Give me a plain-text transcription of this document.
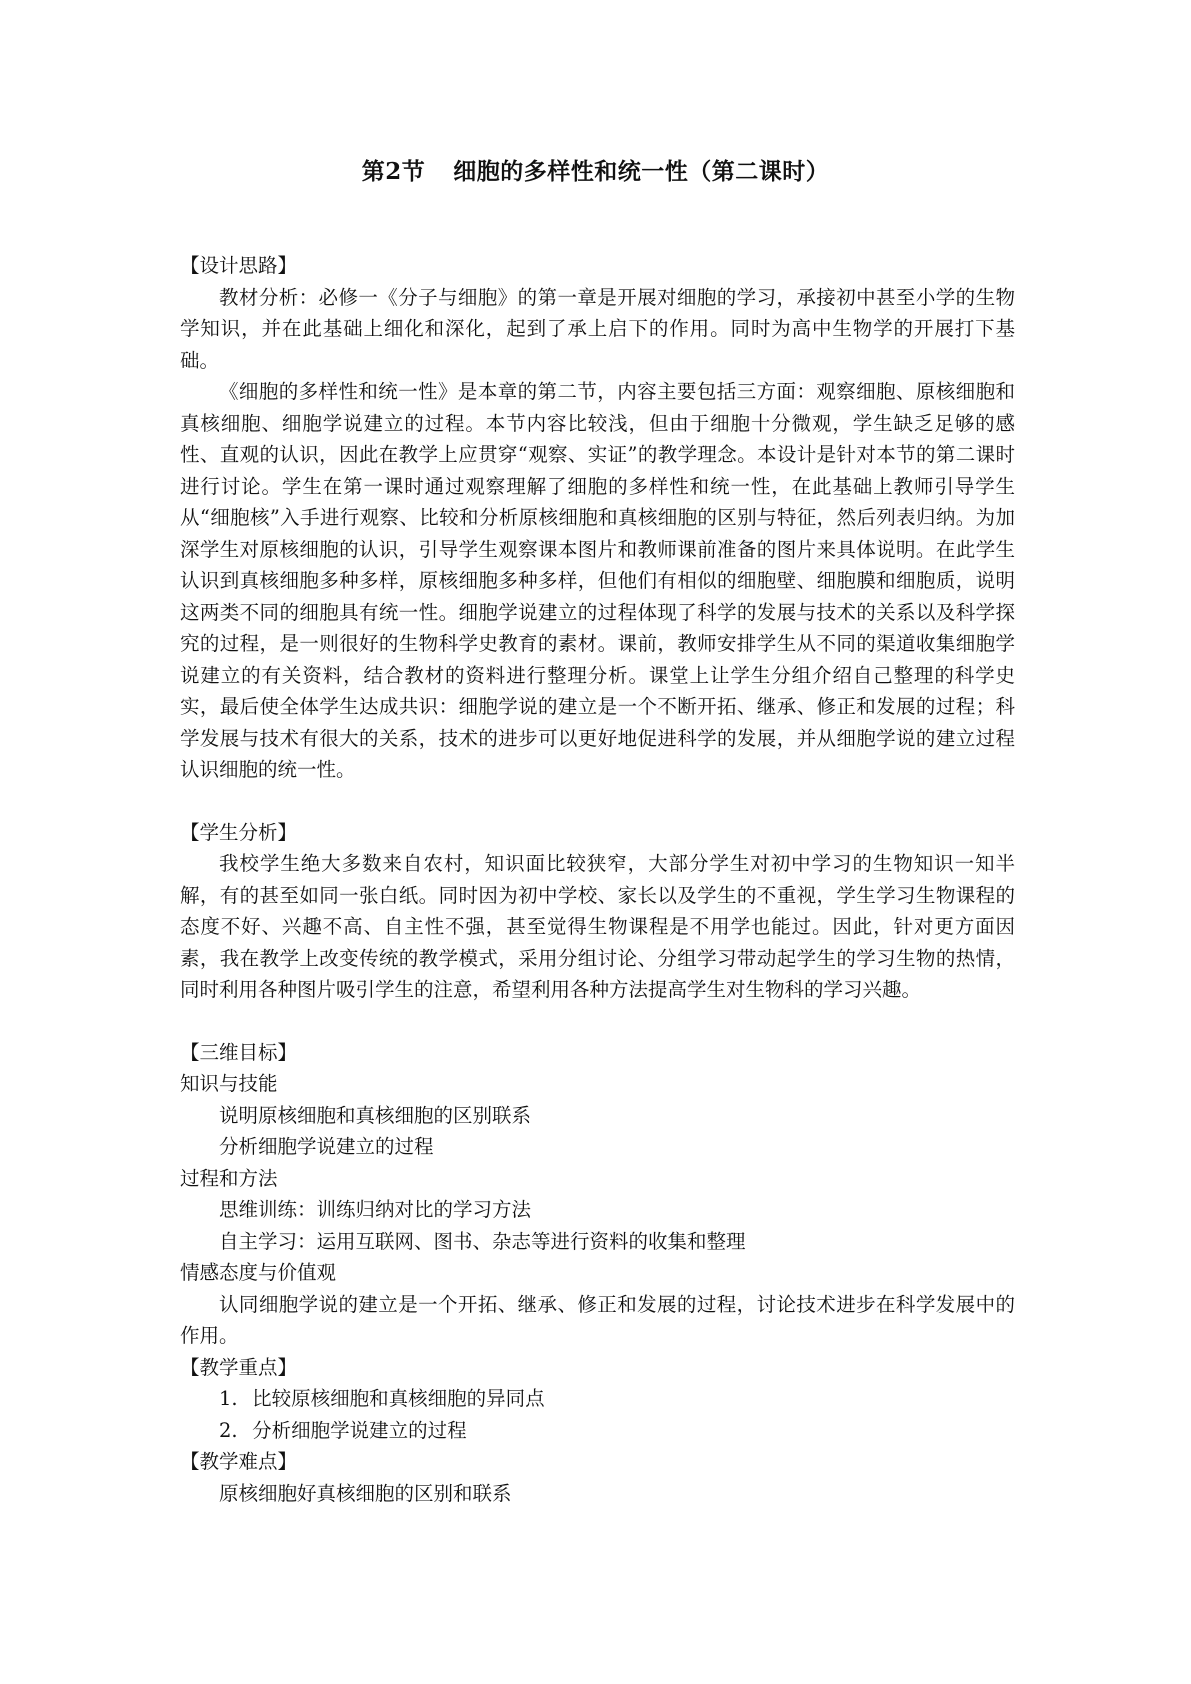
第2节 细胞的多样性和统一性（第二课时）

【设计思路】

教材分析：必修一《分子与细胞》的第一章是开展对细胞的学习，承接初中甚至小学的生物学知识，并在此基础上细化和深化，起到了承上启下的作用。同时为高中生物学的开展打下基础。

《细胞的多样性和统一性》是本章的第二节，内容主要包括三方面：观察细胞、原核细胞和真核细胞、细胞学说建立的过程。本节内容比较浅，但由于细胞十分微观，学生缺乏足够的感性、直观的认识，因此在教学上应贯穿“观察、实证”的教学理念。本设计是针对本节的第二课时进行讨论。学生在第一课时通过观察理解了细胞的多样性和统一性，在此基础上教师引导学生从“细胞核”入手进行观察、比较和分析原核细胞和真核细胞的区别与特征，然后列表归纳。为加深学生对原核细胞的认识，引导学生观察课本图片和教师课前准备的图片来具体说明。在此学生认识到真核细胞多种多样，原核细胞多种多样，但他们有相似的细胞壁、细胞膜和细胞质，说明这两类不同的细胞具有统一性。细胞学说建立的过程体现了科学的发展与技术的关系以及科学探究的过程，是一则很好的生物科学史教育的素材。课前，教师安排学生从不同的渠道收集细胞学说建立的有关资料，结合教材的资料进行整理分析。课堂上让学生分组介绍自己整理的科学史实，最后使全体学生达成共识：细胞学说的建立是一个不断开拓、继承、修正和发展的过程；科学发展与技术有很大的关系，技术的进步可以更好地促进科学的发展，并从细胞学说的建立过程认识细胞的统一性。

【学生分析】

我校学生绝大多数来自农村，知识面比较狭窄，大部分学生对初中学习的生物知识一知半解，有的甚至如同一张白纸。同时因为初中学校、家长以及学生的不重视，学生学习生物课程的态度不好、兴趣不高、自主性不强，甚至觉得生物课程是不用学也能过。因此，针对更方面因素，我在教学上改变传统的教学模式，采用分组讨论、分组学习带动起学生的学习生物的热情，同时利用各种图片吸引学生的注意，希望利用各种方法提高学生对生物科的学习兴趣。

【三维目标】

知识与技能

说明原核细胞和真核细胞的区别联系

分析细胞学说建立的过程

过程和方法

思维训练：训练归纳对比的学习方法

自主学习：运用互联网、图书、杂志等进行资料的收集和整理

情感态度与价值观

认同细胞学说的建立是一个开拓、继承、修正和发展的过程，讨论技术进步在科学发展中的作用。

【教学重点】

1. 比较原核细胞和真核细胞的异同点

2. 分析细胞学说建立的过程

【教学难点】

原核细胞好真核细胞的区别和联系
